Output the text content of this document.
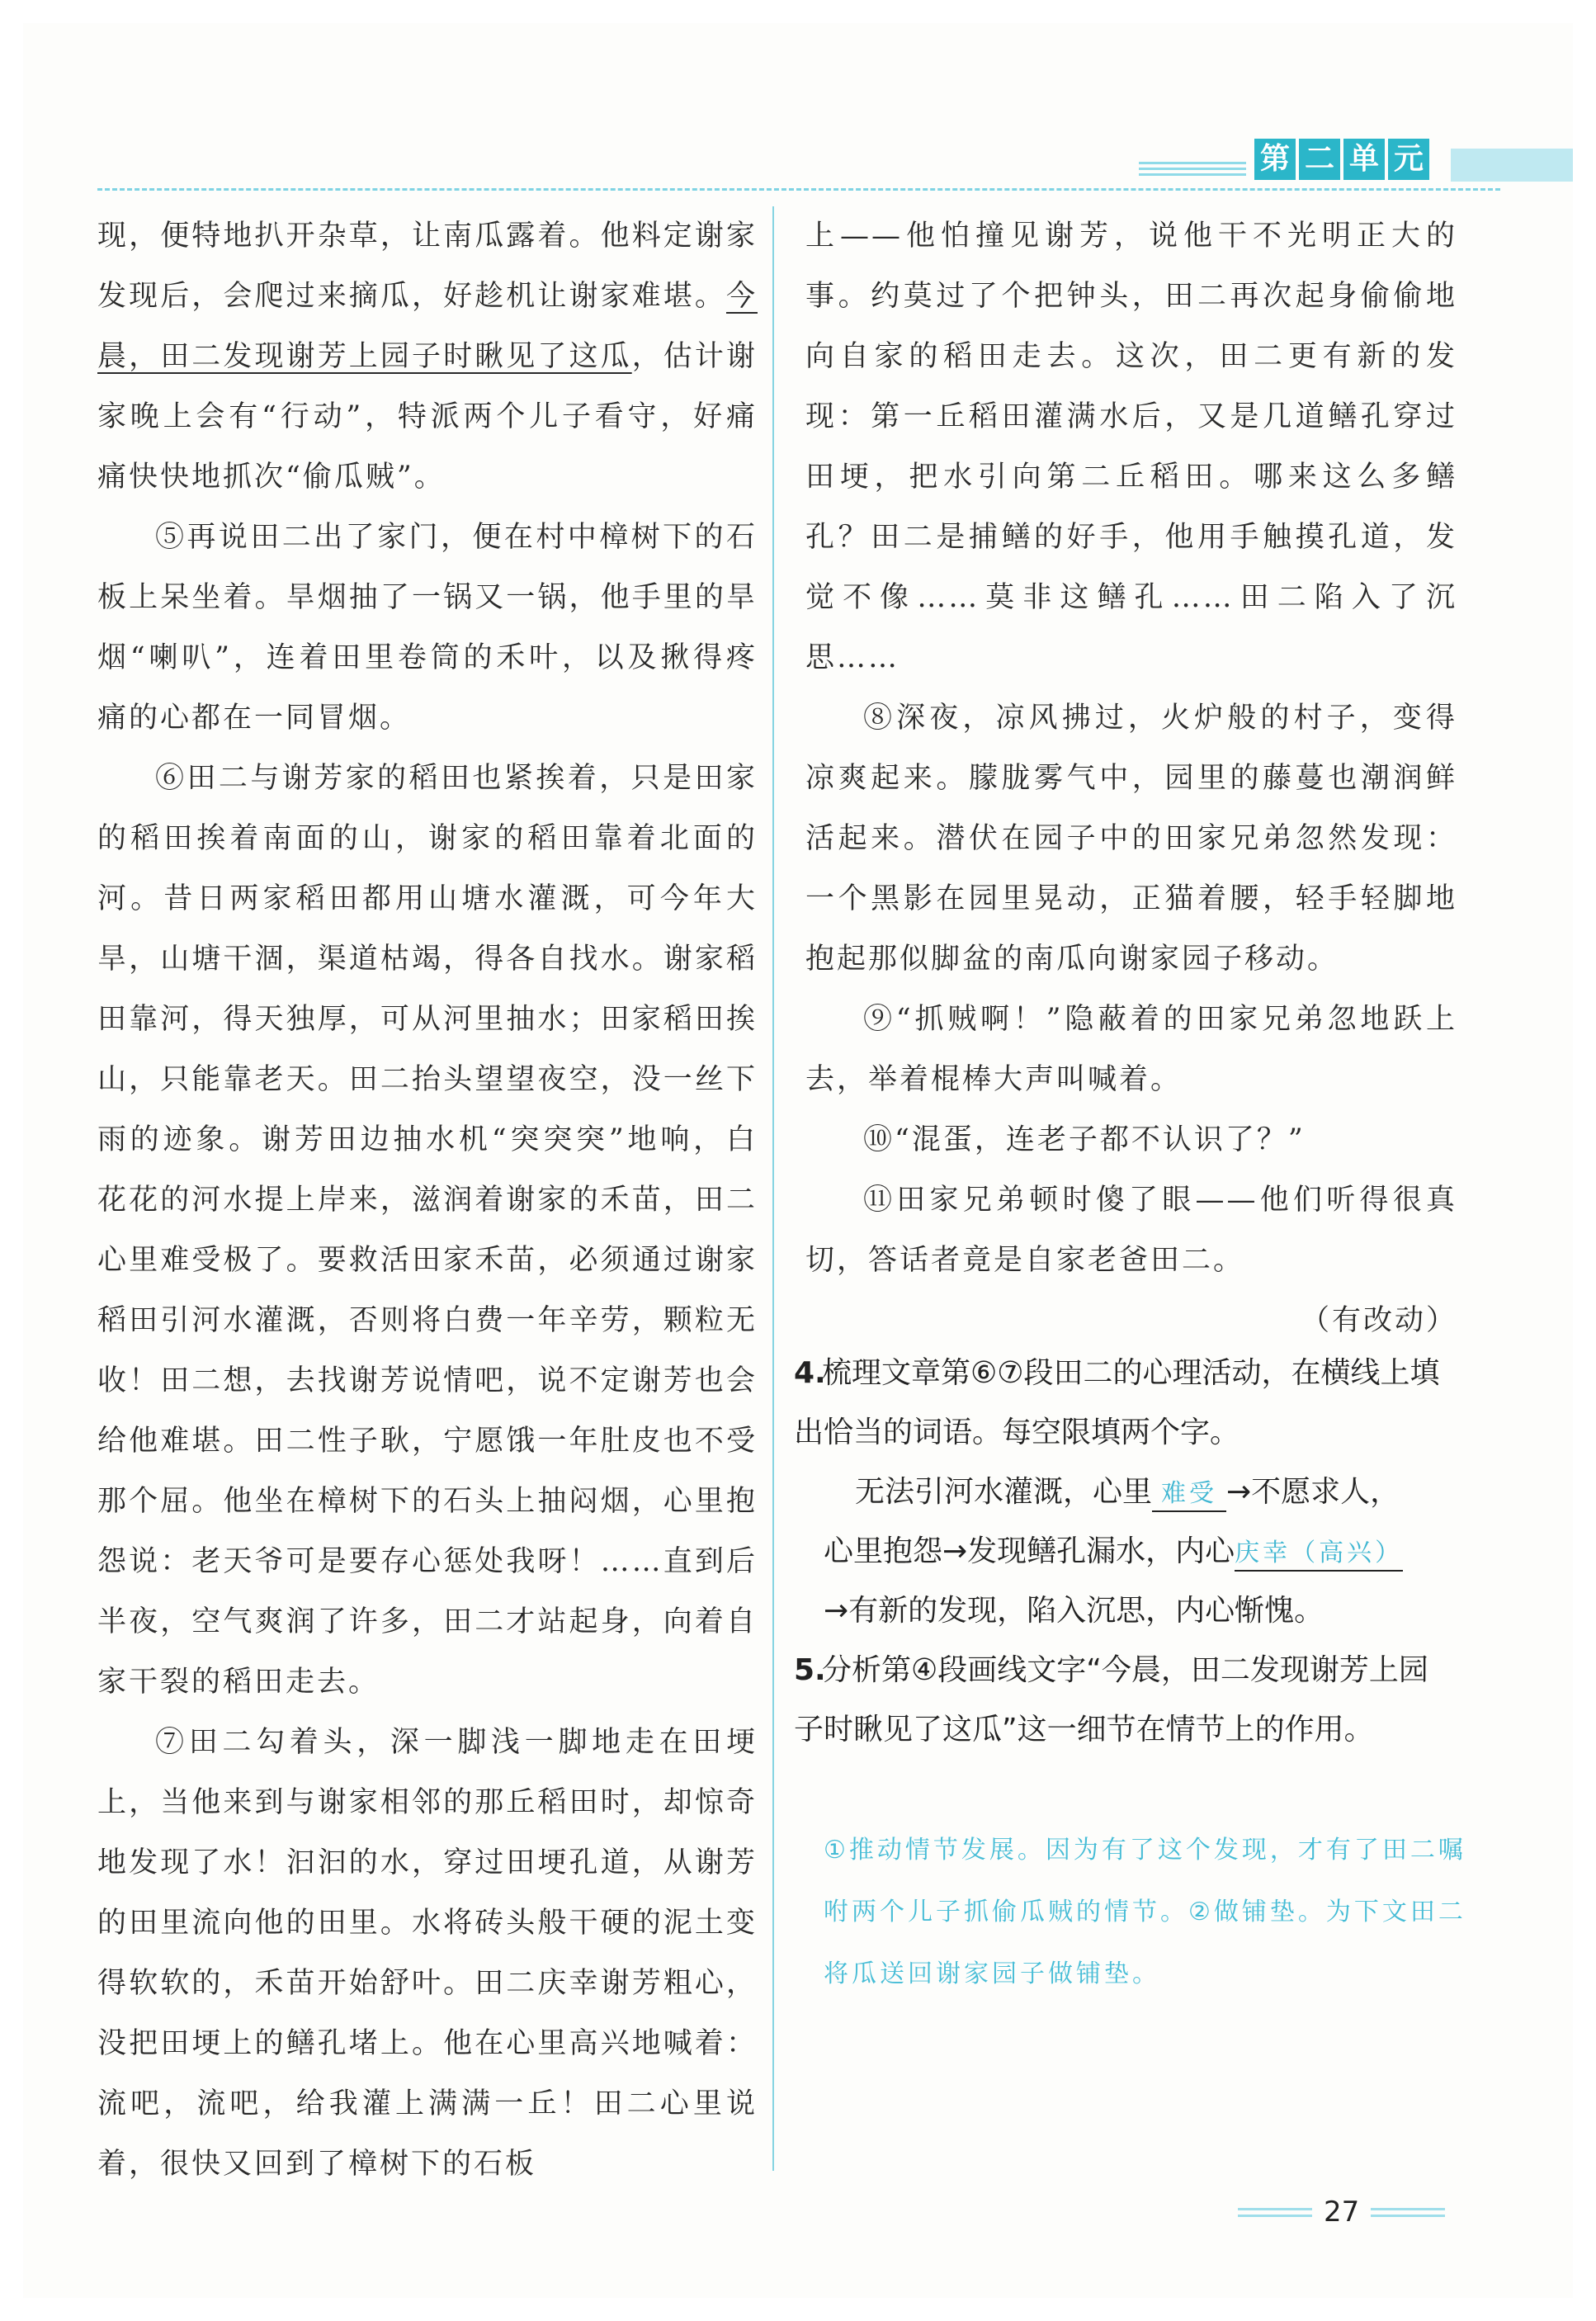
第 二 单 元

现，便特地扒开杂草，让南瓜露着。他料定谢家发现后，会爬过来摘瓜，好趁机让谢家难堪。今晨，田二发现谢芳上园子时瞅见了这瓜，估计谢家晚上会有“行动”，特派两个儿子看守，好痛痛快快地抓次“偷瓜贼”。

⑤再说田二出了家门，便在村中樟树下的石板上呆坐着。旱烟抽了一锅又一锅，他手里的旱烟“喇叭”，连着田里卷筒的禾叶，以及揪得疼痛的心都在一同冒烟。

⑥田二与谢芳家的稻田也紧挨着，只是田家的稻田挨着南面的山，谢家的稻田靠着北面的河。昔日两家稻田都用山塘水灌溉，可今年大旱，山塘干涸，渠道枯竭，得各自找水。谢家稻田靠河，得天独厚，可从河里抽水；田家稻田挨山，只能靠老天。田二抬头望望夜空，没一丝下雨的迹象。谢芳田边抽水机“突突突”地响，白花花的河水提上岸来，滋润着谢家的禾苗，田二心里难受极了。要救活田家禾苗，必须通过谢家稻田引河水灌溉，否则将白费一年辛劳，颗粒无收！田二想，去找谢芳说情吧，说不定谢芳也会给他难堪。田二性子耿，宁愿饿一年肚皮也不受那个屈。他坐在樟树下的石头上抽闷烟，心里抱怨说：老天爷可是要存心惩处我呀！……直到后半夜，空气爽润了许多，田二才站起身，向着自家干裂的稻田走去。

⑦田二勾着头，深一脚浅一脚地走在田埂上，当他来到与谢家相邻的那丘稻田时，却惊奇地发现了水！汩汩的水，穿过田埂孔道，从谢芳的田里流向他的田里。水将砖头般干硬的泥土变得软软的，禾苗开始舒叶。田二庆幸谢芳粗心，没把田埂上的鳝孔堵上。他在心里高兴地喊着：流吧，流吧，给我灌上满满一丘！田二心里说着，很快又回到了樟树下的石板

上——他怕撞见谢芳，说他干不光明正大的事。约莫过了个把钟头，田二再次起身偷偷地向自家的稻田走去。这次，田二更有新的发现：第一丘稻田灌满水后，又是几道鳝孔穿过田埂，把水引向第二丘稻田。哪来这么多鳝孔？田二是捕鳝的好手，他用手触摸孔道，发觉不像……莫非这鳝孔……田二陷入了沉思……

⑧深夜，凉风拂过，火炉般的村子，变得凉爽起来。朦胧雾气中，园里的藤蔓也潮润鲜活起来。潜伏在园子中的田家兄弟忽然发现：一个黑影在园里晃动，正猫着腰，轻手轻脚地抱起那似脚盆的南瓜向谢家园子移动。

⑨“抓贼啊！”隐蔽着的田家兄弟忽地跃上去，举着棍棒大声叫喊着。

⑩“混蛋，连老子都不认识了？”

⑪田家兄弟顿时傻了眼——他们听得很真切，答话者竟是自家老爸田二。

（有改动）

4.梳理文章第⑥⑦段田二的心理活动，在横线上填出恰当的词语。每空限填两个字。
无法引河水灌溉，心里 难受 →不愿求人，
心里抱怨→发现鳝孔漏水，内心庆幸（高兴）
→有新的发现，陷入沉思，内心惭愧。
5.分析第④段画线文字“今晨，田二发现谢芳上园子时瞅见了这瓜”这一细节在情节上的作用。
①推动情节发展。因为有了这个发现，才有了田二嘱咐两个儿子抓偷瓜贼的情节。②做铺垫。为下文田二将瓜送回谢家园子做铺垫。
27
